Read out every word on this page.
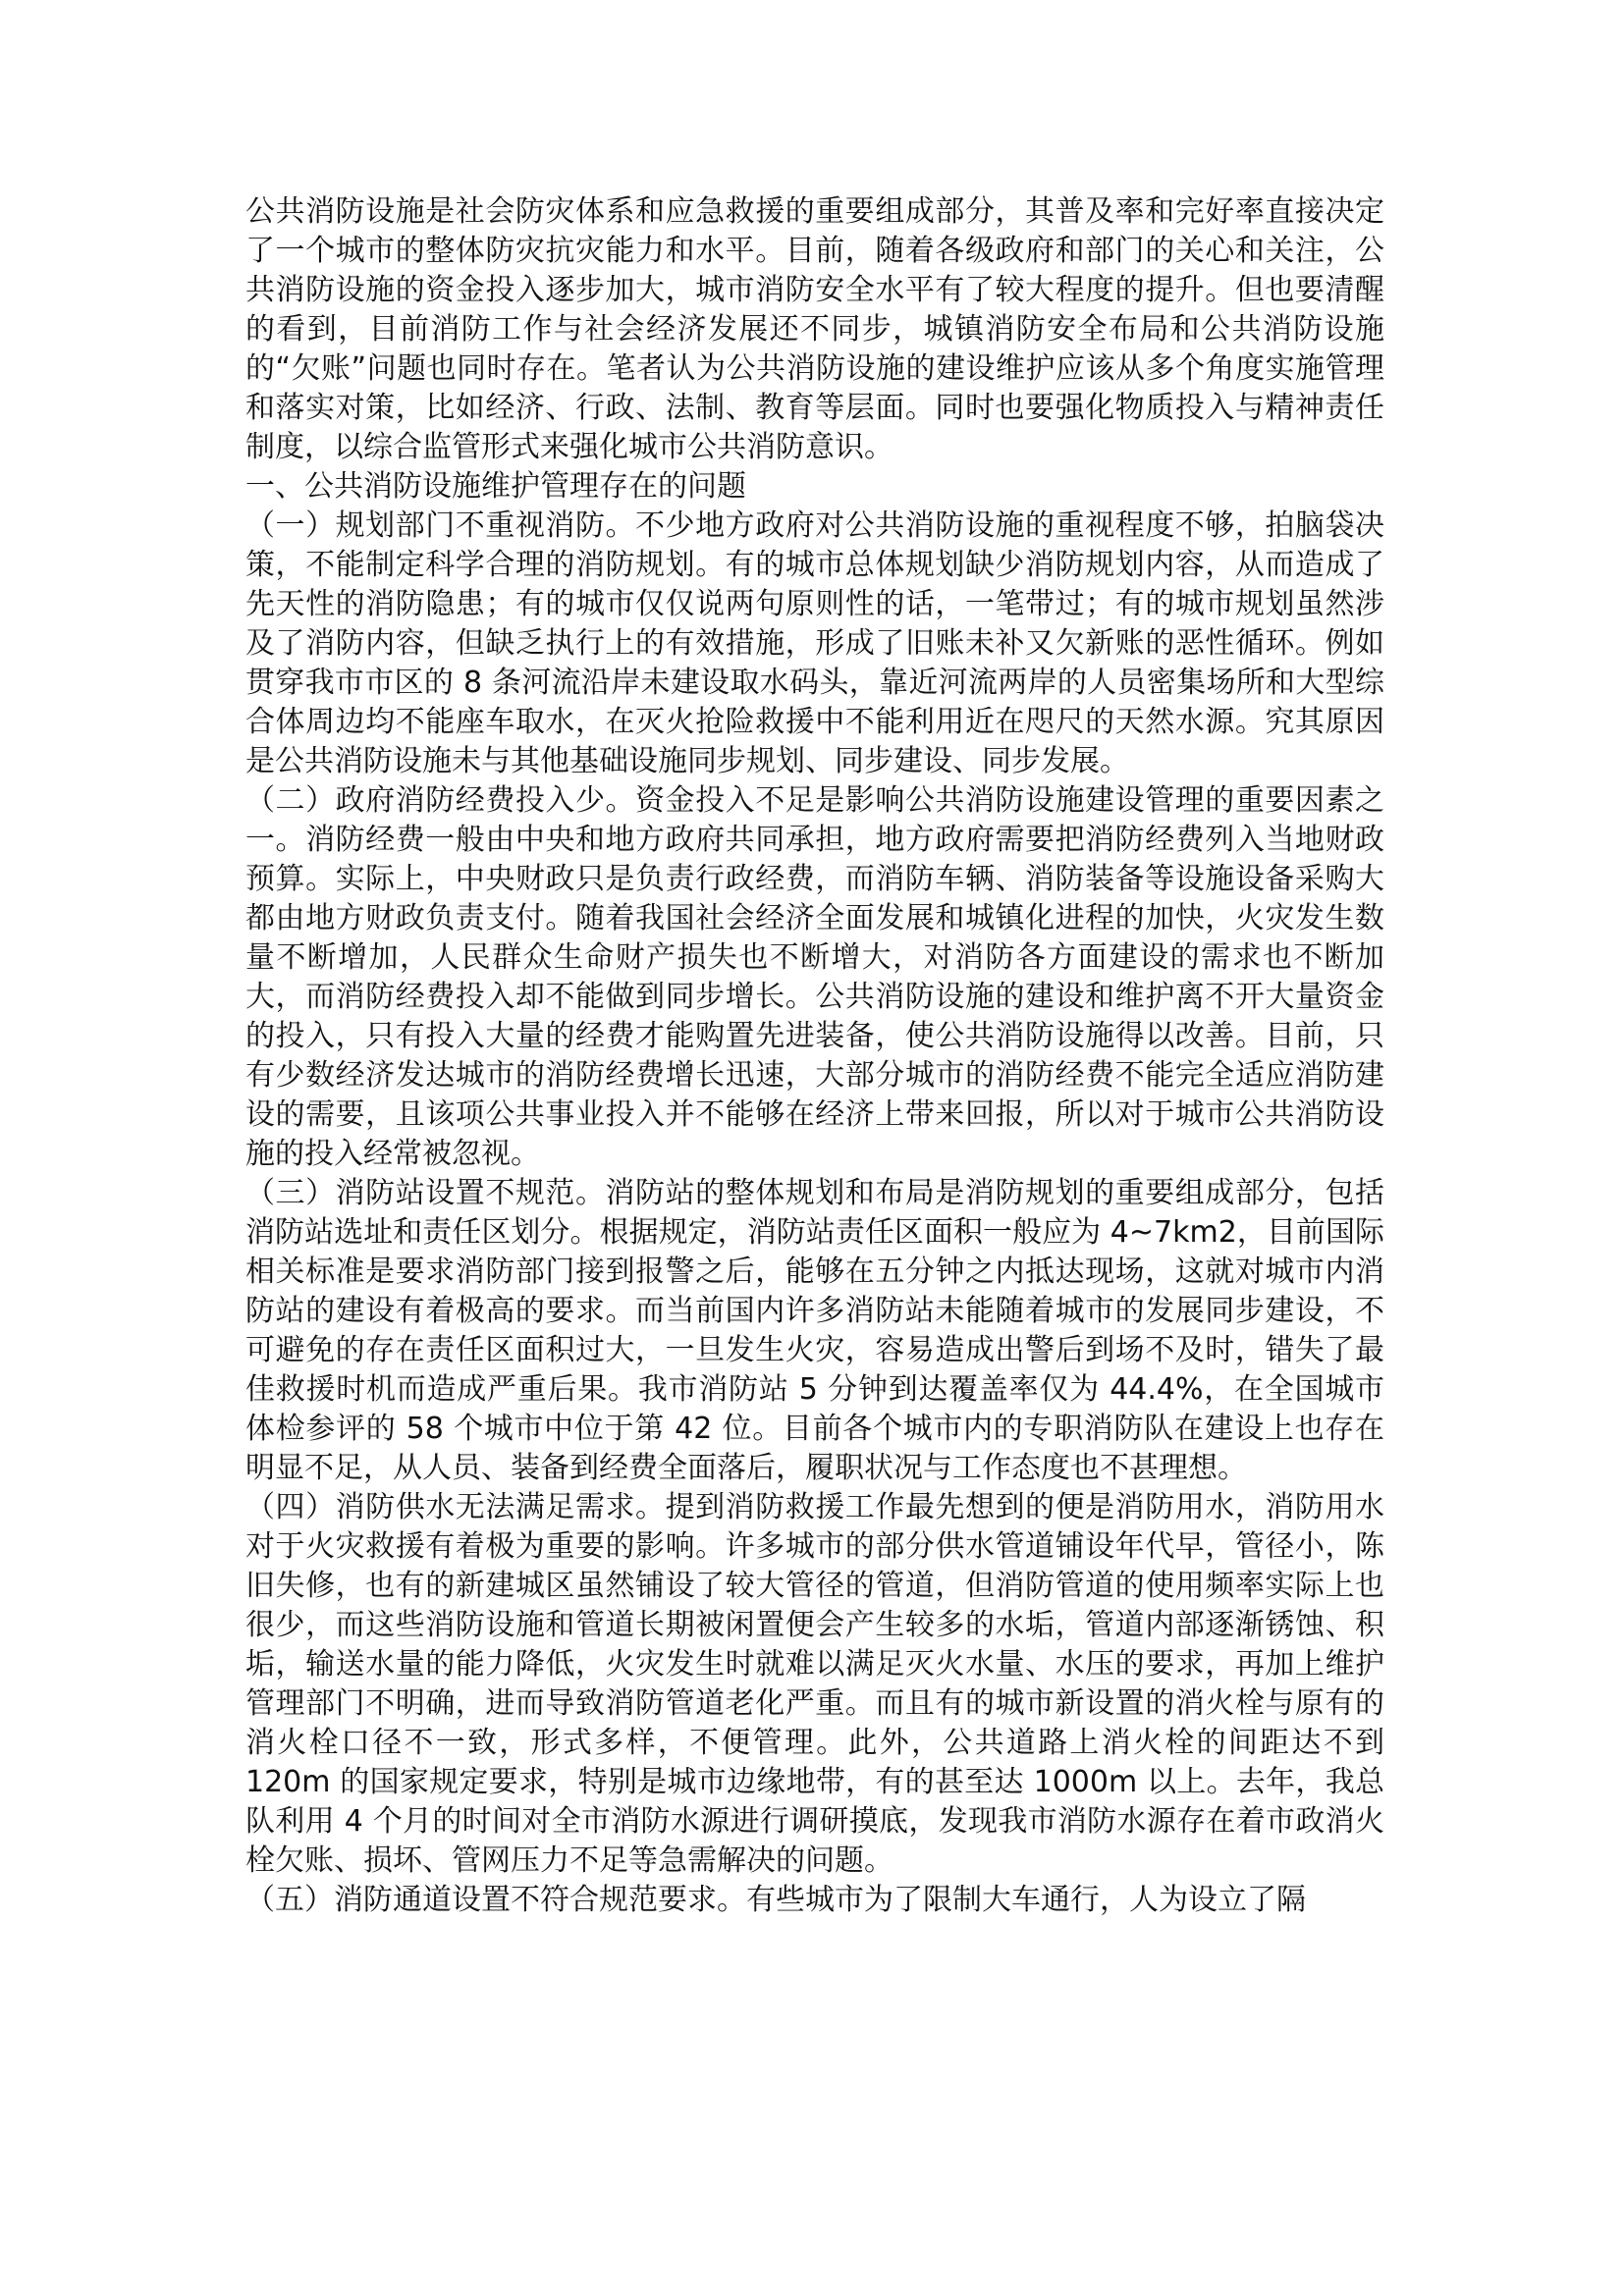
公共消防设施是社会防灾体系和应急救援的重要组成部分，其普及率和完好率直接决定了一个城市的整体防灾抗灾能力和水平。目前，随着各级政府和部门的关心和关注，公共消防设施的资金投入逐步加大，城市消防安全水平有了较大程度的提升。但也要清醒的看到，目前消防工作与社会经济发展还不同步，城镇消防安全布局和公共消防设施的“欠账”问题也同时存在。笔者认为公共消防设施的建设维护应该从多个角度实施管理和落实对策，比如经济、行政、法制、教育等层面。同时也要强化物质投入与精神责任制度，以综合监管形式来强化城市公共消防意识。

一、公共消防设施维护管理存在的问题

（一）规划部门不重视消防。不少地方政府对公共消防设施的重视程度不够，拍脑袋决策，不能制定科学合理的消防规划。有的城市总体规划缺少消防规划内容，从而造成了先天性的消防隐患；有的城市仅仅说两句原则性的话，一笔带过；有的城市规划虽然涉及了消防内容，但缺乏执行上的有效措施，形成了旧账未补又欠新账的恶性循环。例如贯穿我市市区的 8 条河流沿岸未建设取水码头，靠近河流两岸的人员密集场所和大型综合体周边均不能座车取水，在灭火抢险救援中不能利用近在咫尺的天然水源。究其原因是公共消防设施未与其他基础设施同步规划、同步建设、同步发展。

（二）政府消防经费投入少。资金投入不足是影响公共消防设施建设管理的重要因素之一。消防经费一般由中央和地方政府共同承担，地方政府需要把消防经费列入当地财政预算。实际上，中央财政只是负责行政经费，而消防车辆、消防装备等设施设备采购大都由地方财政负责支付。随着我国社会经济全面发展和城镇化进程的加快，火灾发生数量不断增加，人民群众生命财产损失也不断增大，对消防各方面建设的需求也不断加大，而消防经费投入却不能做到同步增长。公共消防设施的建设和维护离不开大量资金的投入，只有投入大量的经费才能购置先进装备，使公共消防设施得以改善。目前，只有少数经济发达城市的消防经费增长迅速，大部分城市的消防经费不能完全适应消防建设的需要，且该项公共事业投入并不能够在经济上带来回报，所以对于城市公共消防设施的投入经常被忽视。

（三）消防站设置不规范。消防站的整体规划和布局是消防规划的重要组成部分，包括消防站选址和责任区划分。根据规定，消防站责任区面积一般应为 4~7km2，目前国际相关标准是要求消防部门接到报警之后，能够在五分钟之内抵达现场，这就对城市内消防站的建设有着极高的要求。而当前国内许多消防站未能随着城市的发展同步建设，不可避免的存在责任区面积过大，一旦发生火灾，容易造成出警后到场不及时，错失了最佳救援时机而造成严重后果。我市消防站 5 分钟到达覆盖率仅为 44.4%，在全国城市体检参评的 58 个城市中位于第 42 位。目前各个城市内的专职消防队在建设上也存在明显不足，从人员、装备到经费全面落后，履职状况与工作态度也不甚理想。

（四）消防供水无法满足需求。提到消防救援工作最先想到的便是消防用水，消防用水对于火灾救援有着极为重要的影响。许多城市的部分供水管道铺设年代早，管径小，陈旧失修，也有的新建城区虽然铺设了较大管径的管道，但消防管道的使用频率实际上也很少，而这些消防设施和管道长期被闲置便会产生较多的水垢，管道内部逐渐锈蚀、积垢，输送水量的能力降低，火灾发生时就难以满足灭火水量、水压的要求，再加上维护管理部门不明确，进而导致消防管道老化严重。而且有的城市新设置的消火栓与原有的消火栓口径不一致，形式多样，不便管理。此外，公共道路上消火栓的间距达不到 120m 的国家规定要求，特别是城市边缘地带，有的甚至达 1000m 以上。去年，我总队利用 4 个月的时间对全市消防水源进行调研摸底，发现我市消防水源存在着市政消火栓欠账、损坏、管网压力不足等急需解决的问题。

（五）消防通道设置不符合规范要求。有些城市为了限制大车通行，人为设立了隔
